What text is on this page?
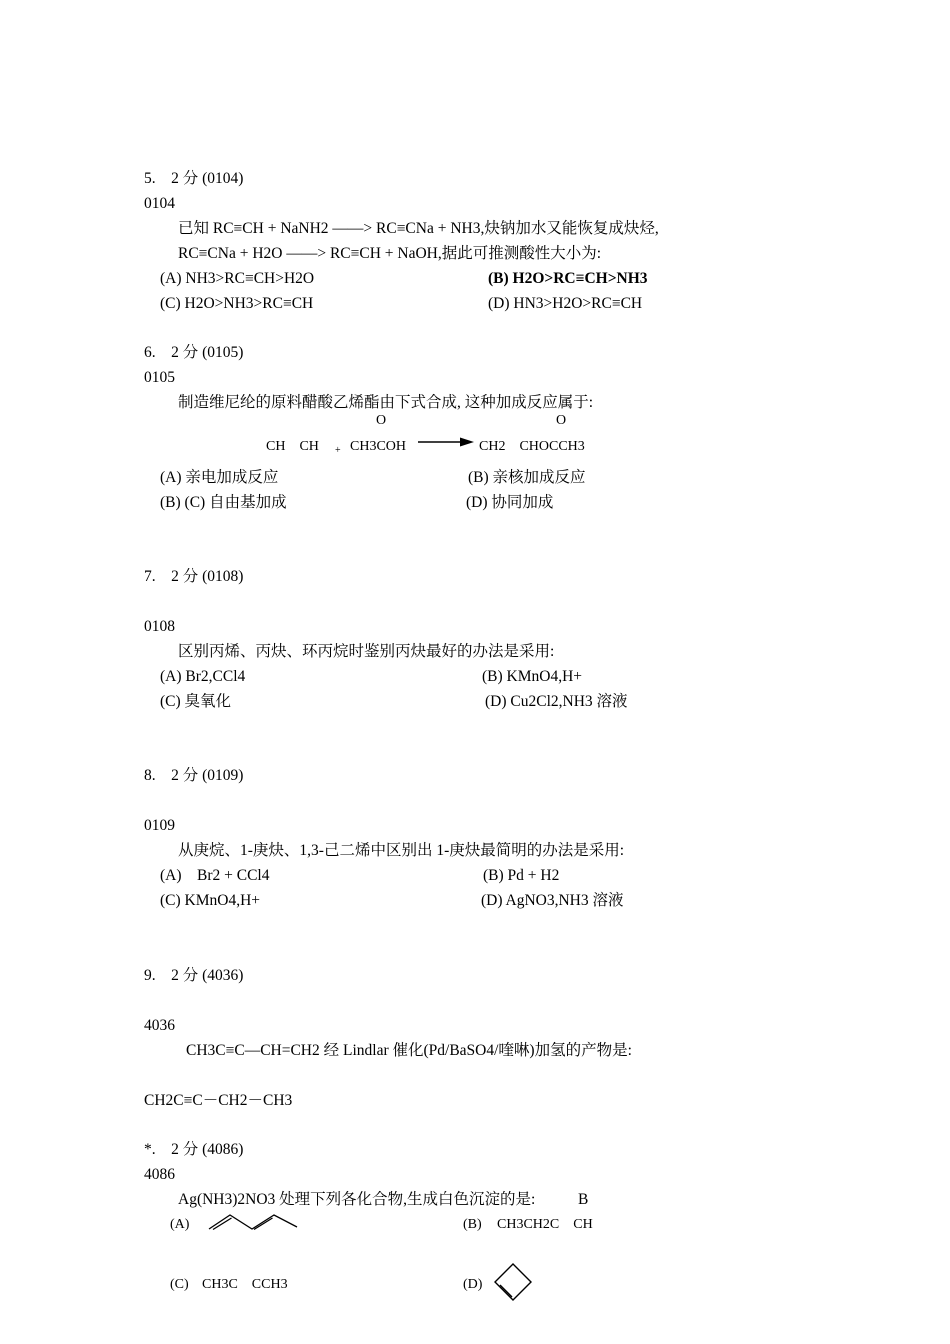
5.　2 分 (0104)
0104
已知 RC≡CH + NaNH2 ——> RC≡CNa + NH3,炔钠加水又能恢复成炔烃,
RC≡CNa + H2O ——> RC≡CH + NaOH,据此可推测酸性大小为:
(A) NH3>RC≡CH>H2O	(B) H2O>RC≡CH>NH3
(C) H2O>NH3>RC≡CH	(D) HN3>H2O>RC≡CH
6.　2 分 (0105)
0105
制造维尼纶的原料醋酸乙烯酯由下式合成, 这种加成反应属于:
O	O
CH　CH + CH3COH → CH2　CHOCCH3
(A) 亲电加成反应	(B) 亲核加成反应
(B) (C) 自由基加成	(D) 协同加成
7.　2 分 (0108)
0108
区别丙烯、丙炔、环丙烷时鉴别丙炔最好的办法是采用:
(A) Br2,CCl4	(B) KMnO4,H+
(C) 臭氧化	(D) Cu2Cl2,NH3 溶液
8.　2 分 (0109)
0109
从庚烷、1-庚炔、1,3-己二烯中区别出 1-庚炔最简明的办法是采用:
(A)　Br2 + CCl4	(B) Pd + H2
(C) KMnO4,H+	(D) AgNO3,NH3 溶液
9.　2 分 (4036)
4036
CH3C≡C—CH=CH2 经 Lindlar 催化(Pd/BaSO4/喹啉)加氢的产物是:
CH2C≡C－CH2－CH3
*.　2 分 (4086)
4086
Ag(NH3)2NO3 处理下列各化合物,生成白色沉淀的是:	B
(A)	(B) CH3CH2C　CH
(C) CH3C　CCH3	(D)
